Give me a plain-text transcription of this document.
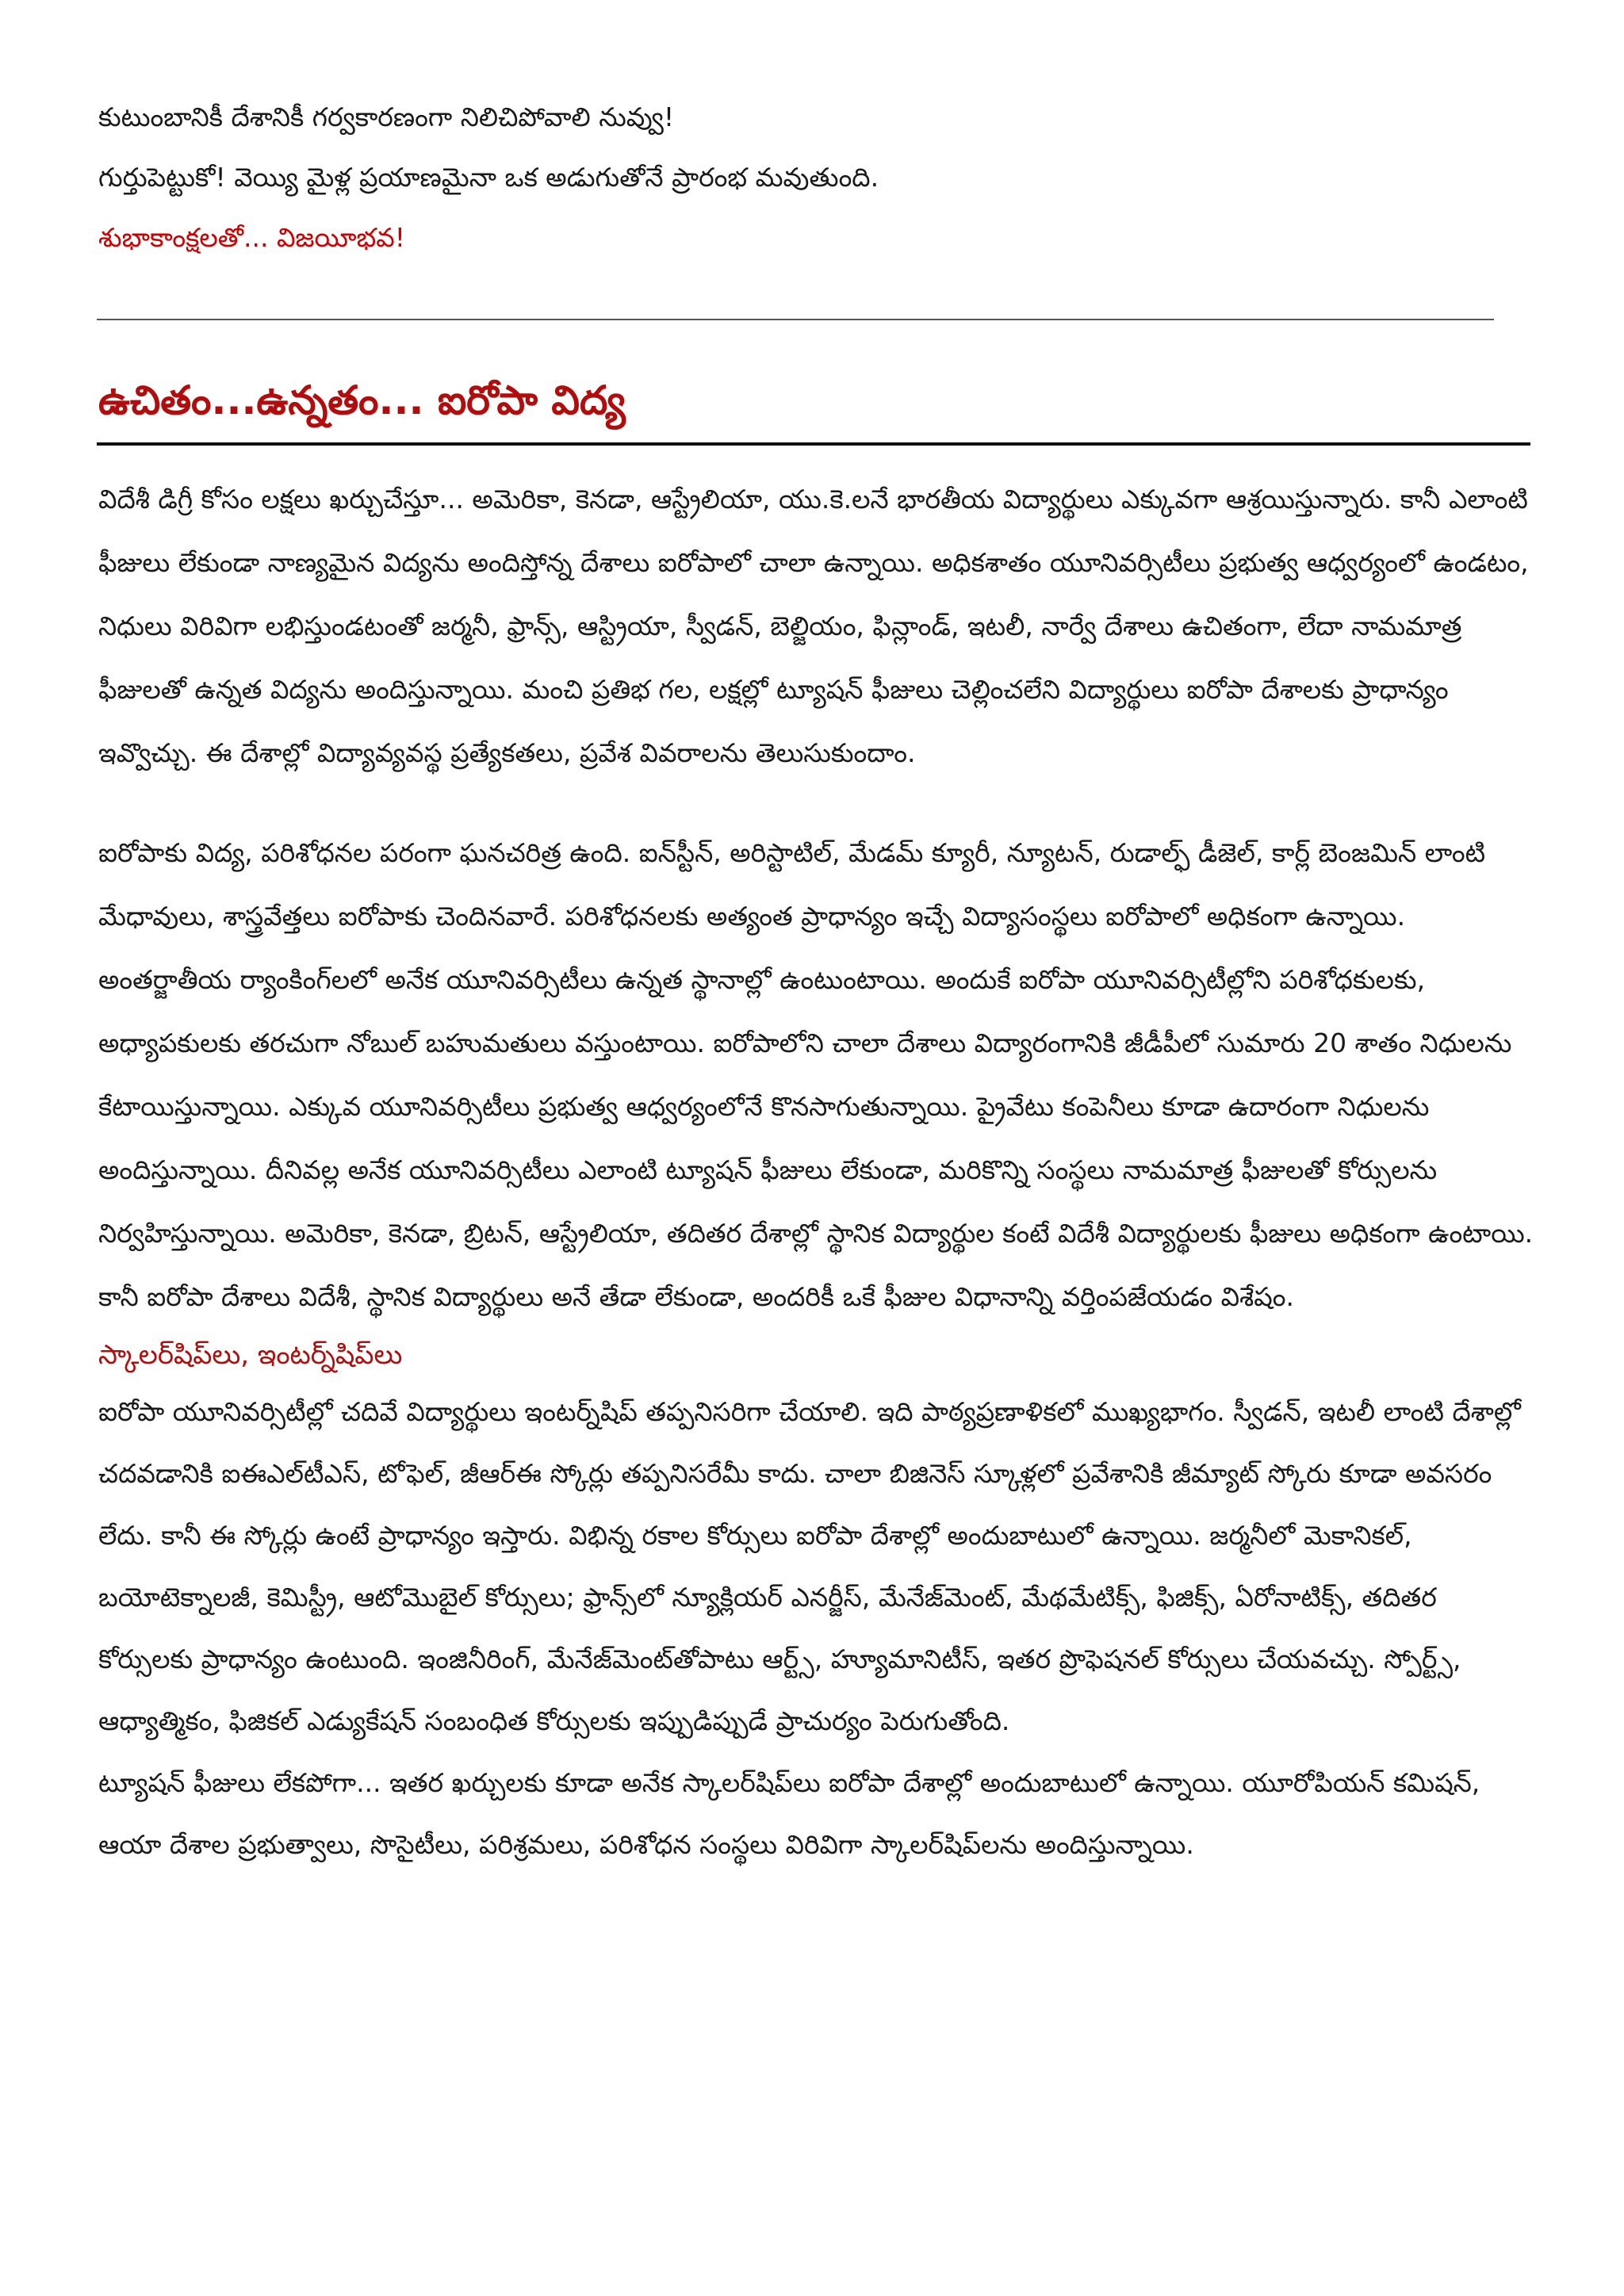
కుటుంబానికీ దేశానికీ గర్వకారణంగా నిలిచిపోవాలి నువ్వు!

గుర్తుపెట్టుకో! వెయ్యి మైళ్ల ప్రయాణమైనా ఒక అడుగుతోనే ప్రారంభ మవుతుంది.

శుభాకాంక్షలతో... విజయీభవ!

ఉచితం...ఉన్నతం... ఐరోపా విద్య

విదేశీ డిగ్రీ కోసం లక్షలు ఖర్చుచేస్తూ... అమెరికా, కెనడా, ఆస్ట్రేలియా, యు.కె.లనే భారతీయ విద్యార్థులు ఎక్కువగా ఆశ్రయిస్తున్నారు. కానీ ఎలాంటి ఫీజులు లేకుండా నాణ్యమైన విద్యను అందిస్తోన్న దేశాలు ఐరోపాలో చాలా ఉన్నాయి. అధికశాతం యూనివర్సిటీలు ప్రభుత్వ ఆధ్వర్యంలో ఉండటం, నిధులు విరివిగా లభిస్తుండటంతో జర్మనీ, ఫ్రాన్స్, ఆస్ట్రియా, స్వీడన్, బెల్జియం, ఫిన్లాండ్, ఇటలీ, నార్వే దేశాలు ఉచితంగా, లేదా నామమాత్ర ఫీజులతో ఉన్నత విద్యను అందిస్తున్నాయి. మంచి ప్రతిభ గల, లక్షల్లో ట్యూషన్ ఫీజులు చెల్లించలేని విద్యార్థులు ఐరోపా దేశాలకు ప్రాధాన్యం ఇవ్వొచ్చు. ఈ దేశాల్లో విద్యావ్యవస్థ ప్రత్యేకతలు, ప్రవేశ వివరాలను తెలుసుకుందాం.

ఐరోపాకు విద్య, పరిశోధనల పరంగా ఘనచరిత్ర ఉంది. ఐన్‌స్టీన్, అరిస్టాటిల్, మేడమ్ క్యూరీ, న్యూటన్, రుడాల్ఫ్ డీజెల్, కార్ల్ బెంజమిన్ లాంటి మేధావులు, శాస్త్రవేత్తలు ఐరోపాకు చెందినవారే. పరిశోధనలకు అత్యంత ప్రాధాన్యం ఇచ్చే విద్యాసంస్థలు ఐరోపాలో అధికంగా ఉన్నాయి. అంతర్జాతీయ ర్యాంకింగ్‌లలో అనేక యూనివర్సిటీలు ఉన్నత స్థానాల్లో ఉంటుంటాయి. అందుకే ఐరోపా యూనివర్సిటీల్లోని పరిశోధకులకు, అధ్యాపకులకు తరచుగా నోబుల్ బహుమతులు వస్తుంటాయి. ఐరోపాలోని చాలా దేశాలు విద్యారంగానికి జీడీపీలో సుమారు 20 శాతం నిధులను కేటాయిస్తున్నాయి. ఎక్కువ యూనివర్సిటీలు ప్రభుత్వ ఆధ్వర్యంలోనే కొనసాగుతున్నాయి. ప్రైవేటు కంపెనీలు కూడా ఉదారంగా నిధులను అందిస్తున్నాయి. దీనివల్ల అనేక యూనివర్సిటీలు ఎలాంటి ట్యూషన్ ఫీజులు లేకుండా, మరికొన్ని సంస్థలు నామమాత్ర ఫీజులతో కోర్సులను నిర్వహిస్తున్నాయి. అమెరికా, కెనడా, బ్రిటన్, ఆస్ట్రేలియా, తదితర దేశాల్లో స్థానిక విద్యార్థుల కంటే విదేశీ విద్యార్థులకు ఫీజులు అధికంగా ఉంటాయి. కానీ ఐరోపా దేశాలు విదేశీ, స్థానిక విద్యార్థులు అనే తేడా లేకుండా, అందరికీ ఒకే ఫీజుల విధానాన్ని వర్తింపజేయడం విశేషం.

స్కాలర్‌షిప్‌లు, ఇంటర్న్‌షిప్‌లు

ఐరోపా యూనివర్సిటీల్లో చదివే విద్యార్థులు ఇంటర్న్‌షిప్ తప్పనిసరిగా చేయాలి. ఇది పాఠ్యప్రణాళికలో ముఖ్యభాగం. స్వీడన్, ఇటలీ లాంటి దేశాల్లో చదవడానికి ఐఈఎల్‌టీఎస్, టోఫెల్, జీఆర్‌ఈ స్కోర్లు తప్పనిసరేమీ కాదు. చాలా బిజినెస్ స్కూళ్లలో ప్రవేశానికి జీమ్యాట్ స్కోరు కూడా అవసరం లేదు. కానీ ఈ స్కోర్లు ఉంటే ప్రాధాన్యం ఇస్తారు. విభిన్న రకాల కోర్సులు ఐరోపా దేశాల్లో అందుబాటులో ఉన్నాయి. జర్మనీలో మెకానికల్, బయోటెక్నాలజీ, కెమిస్ట్రీ, ఆటోమొబైల్ కోర్సులు; ఫ్రాన్స్‌లో న్యూక్లియర్ ఎనర్జీస్, మేనేజ్‌మెంట్, మేథమేటిక్స్, ఫిజిక్స్, ఏరోనాటిక్స్, తదితర కోర్సులకు ప్రాధాన్యం ఉంటుంది. ఇంజినీరింగ్, మేనేజ్‌మెంట్‌తోపాటు ఆర్ట్స్, హ్యూమానిటీస్, ఇతర ప్రొఫెషనల్ కోర్సులు చేయవచ్చు. స్పోర్ట్స్, ఆధ్యాత్మికం, ఫిజికల్ ఎడ్యుకేషన్ సంబంధిత కోర్సులకు ఇప్పుడిప్పుడే ప్రాచుర్యం పెరుగుతోంది.

ట్యూషన్ ఫీజులు లేకపోగా... ఇతర ఖర్చులకు కూడా అనేక స్కాలర్‌షిప్‌లు ఐరోపా దేశాల్లో అందుబాటులో ఉన్నాయి. యూరోపియన్ కమిషన్, ఆయా దేశాల ప్రభుత్వాలు, సొసైటీలు, పరిశ్రమలు, పరిశోధన సంస్థలు విరివిగా స్కాలర్‌షిప్‌లను అందిస్తున్నాయి.
